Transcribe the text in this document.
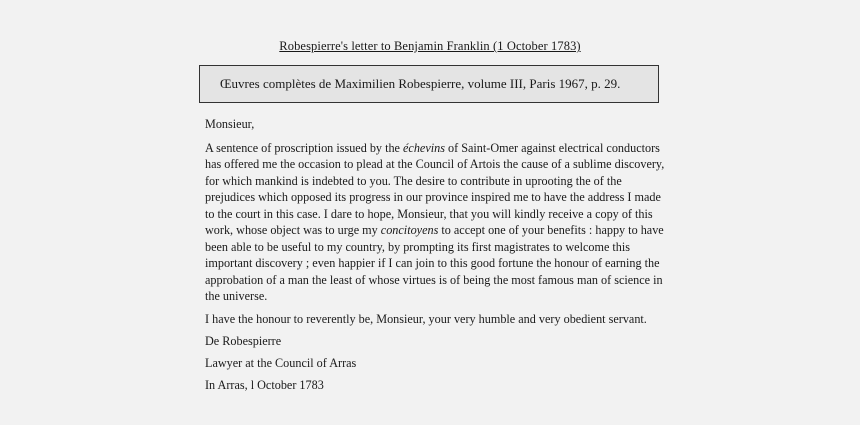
Robespierre's letter to Benjamin Franklin (1 October 1783)
Œuvres complètes de Maximilien Robespierre, volume III, Paris 1967, p. 29.

Monsieur,

A sentence of proscription issued by the échevins of Saint-Omer against electrical conductors has offered me the occasion to plead at the Council of Artois the cause of a sublime discovery, for which mankind is indebted to you. The desire to contribute in uprooting the of the prejudices which opposed its progress in our province inspired me to have the address I made to the court in this case. I dare to hope, Monsieur, that you will kindly receive a copy of this work, whose object was to urge my concitoyens to accept one of your benefits : happy to have been able to be useful to my country, by prompting its first magistrates to welcome this important discovery ; even happier if I can join to this good fortune the honour of earning the approbation of a man the least of whose virtues is of being the most famous man of science in the universe.

I have the honour to reverently be, Monsieur, your very humble and very obedient servant.

De Robespierre

Lawyer at the Council of Arras

In Arras, l October 1783
